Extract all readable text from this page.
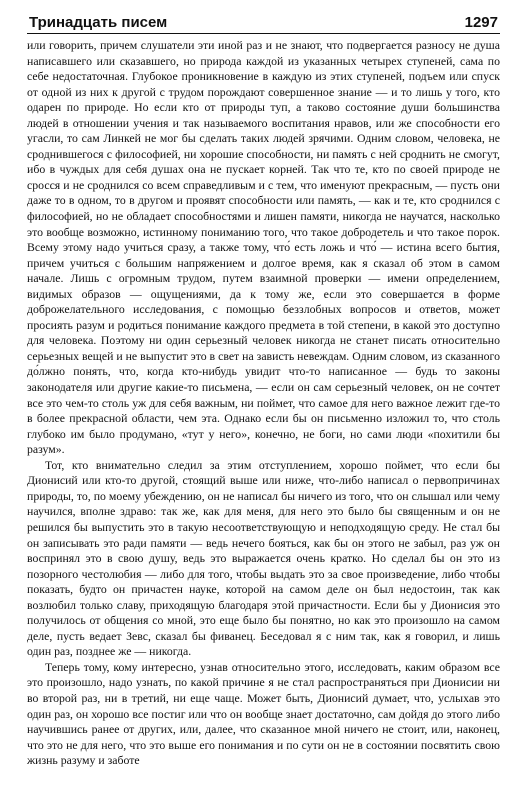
Тринадцать писем	1297

или говорить, причем слушатели эти иной раз и не знают, что подвергается разносу не душа написавшего или сказавшего, но природа каждой из указанных четырех ступеней, сама по себе недостаточная. Глубокое проникновение в каждую из этих ступеней, подъем или спуск от одной из них к другой с трудом порождают совершенное знание — и то лишь у того, кто одарен по природе. Но если кто от природы туп, а таково состояние души большинства людей в отношении учения и так называемого воспитания нравов, или же способности его угасли, то сам Линкей не мог бы сделать таких людей зрячими. Одним словом, человека, не сроднившегося с философией, ни хорошие способности, ни память с ней сроднить не смогут, ибо в чуждых для себя душах она не пускает корней. Так что те, кто по своей природе не сросся и не сроднился со всем справедливым и с тем, что именуют прекрасным, — пусть они даже то в одном, то в другом и проявят способности или память, — как и те, кто сроднился с философией, но не обладает способностями и лишен памяти, никогда не научатся, насколько это вообще возможно, истинному пониманию того, что такое добродетель и что такое порок. Всему этому надо учиться сразу, а также тому, что́ есть ложь и что́ — истина всего бытия, причем учиться с большим напряжением и долгое время, как я сказал об этом в самом начале. Лишь с огромным трудом, путем взаимной проверки — имени определением, видимых образов — ощущениями, да к тому же, если это совершается в форме доброжелательного исследования, с помощью беззлобных вопросов и ответов, может просиять разум и родиться понимание каждого предмета в той степени, в какой это доступно для человека. Поэтому ни один серьезный человек никогда не станет писать относительно серьезных вещей и не выпустит это в свет на зависть невеждам. Одним словом, из сказанного до́лжно понять, что, когда кто-нибудь увидит что-то написанное — будь то законы законодателя или другие какие-то письмена, — если он сам серьезный человек, он не сочтет все это чем-то столь уж для себя важным, ни поймет, что самое для него важное лежит где-то в более прекрасной области, чем эта. Однако если бы он письменно изложил то, что столь глубоко им было продумано, «тут у него», конечно, не боги, но сами люди «похитили бы разум».

Тот, кто внимательно следил за этим отступлением, хорошо поймет, что если бы Дионисий или кто-то другой, стоящий выше или ниже, что-либо написал о первопричинах природы, то, по моему убеждению, он не написал бы ничего из того, что он слышал или чему научился, вполне здраво: так же, как для меня, для него это было бы священным и он не решился бы выпустить это в такую несоответствующую и неподходящую среду. Не стал бы он записывать это ради памяти — ведь нечего бояться, как бы он этого не забыл, раз уж он воспринял это в свою душу, ведь это выражается очень кратко. Но сделал бы он это из позорного честолюбия — либо для того, чтобы выдать это за свое произведение, либо чтобы показать, будто он причастен науке, которой на самом деле он был недостоин, так как возлюбил только славу, приходящую благодаря этой причастности. Если бы у Дионисия это получилось от общения со мной, это еще было бы понятно, но как это произошло на самом деле, пусть ведает Зевс, сказал бы фиванец. Беседовал я с ним так, как я говорил, и лишь один раз, позднее же — никогда.

Теперь тому, кому интересно, узнав относительно этого, исследовать, каким образом все это произошло, надо узнать, по какой причине я не стал распространяться при Дионисии ни во второй раз, ни в третий, ни еще чаще. Может быть, Дионисий думает, что, услыхав это один раз, он хорошо все постиг или что он вообще знает достаточно, сам дойдя до этого либо научившись ранее от других, или, далее, что сказанное мной ничего не стоит, или, наконец, что это не для него, что это выше его понимания и по сути он не в состоянии посвятить свою жизнь разуму и заботе
